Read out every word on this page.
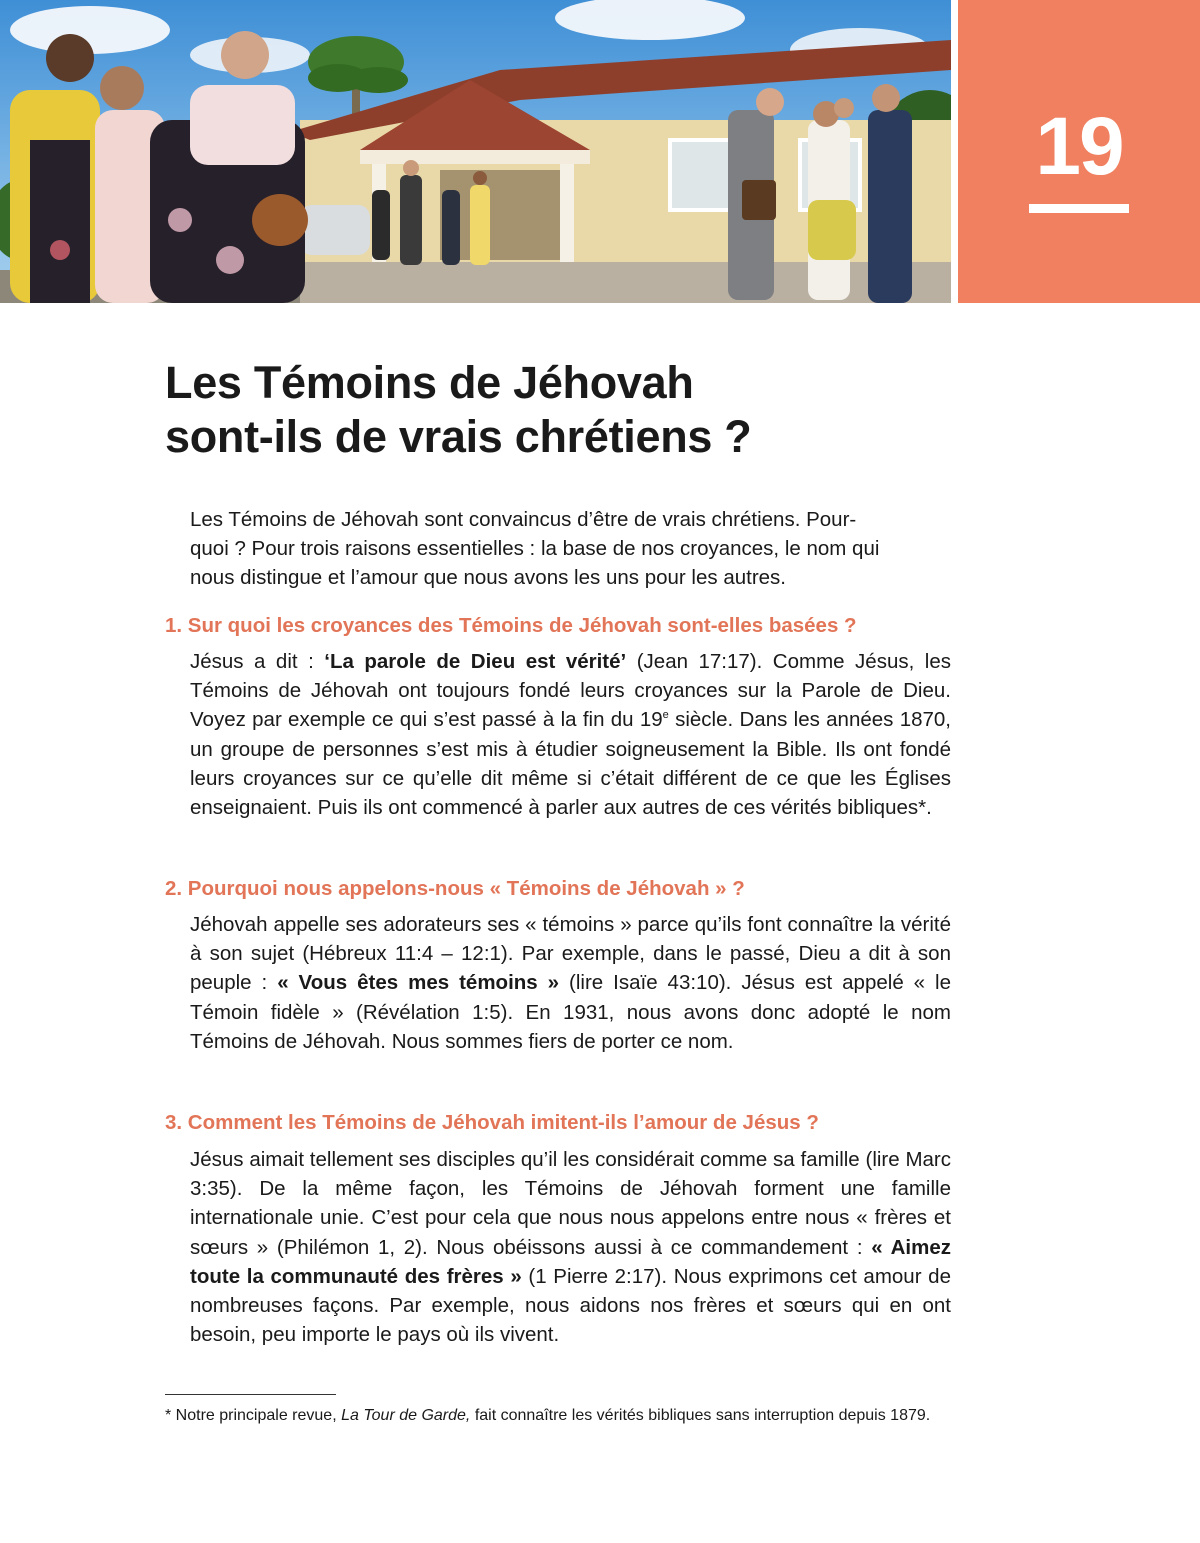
19
Les Témoins de Jéhovah
sont-ils de vrais chrétiens ?

Les Témoins de Jéhovah sont convaincus d’être de vrais chrétiens. Pour-
quoi ? Pour trois raisons essentielles : la base de nos croyances, le nom qui
nous distingue et l’amour que nous avons les uns pour les autres.

1. Sur quoi les croyances des Témoins de Jéhovah sont-elles basées ?

Jésus a dit : ‘La parole de Dieu est vérité’ (Jean 17:17). Comme Jésus, les Témoins de Jéhovah ont toujours fondé leurs croyances sur la Parole de Dieu. Voyez par exemple ce qui s’est passé à la fin du 19e siècle. Dans les années 1870, un groupe de personnes s’est mis à étudier soigneusement la Bible. Ils ont fondé leurs croyances sur ce qu’elle dit même si c’était différent de ce que les Églises enseignaient. Puis ils ont commencé à parler aux autres de ces vérités bibliques*.

2. Pourquoi nous appelons-nous « Témoins de Jéhovah » ?

Jéhovah appelle ses adorateurs ses « témoins » parce qu’ils font connaître la vérité à son sujet (Hébreux 11:4 – 12:1). Par exemple, dans le passé, Dieu a dit à son peuple : « Vous êtes mes témoins » (lire Isaïe 43:10). Jésus est appelé « le Témoin fidèle » (Révélation 1:5). En 1931, nous avons donc adopté le nom Témoins de Jéhovah. Nous sommes fiers de porter ce nom.

3. Comment les Témoins de Jéhovah imitent-ils l’amour de Jésus ?

Jésus aimait tellement ses disciples qu’il les considérait comme sa famille (lire Marc 3:35). De la même façon, les Témoins de Jéhovah forment une famille internationale unie. C’est pour cela que nous nous appelons entre nous « frères et sœurs » (Philémon 1, 2). Nous obéissons aussi à ce commandement : « Aimez toute la communauté des frères » (1 Pierre 2:17). Nous exprimons cet amour de nombreuses façons. Par exemple, nous aidons nos frères et sœurs qui en ont besoin, peu importe le pays où ils vivent.

* Notre principale revue, La Tour de Garde, fait connaître les vérités bibliques sans interruption depuis 1879.
